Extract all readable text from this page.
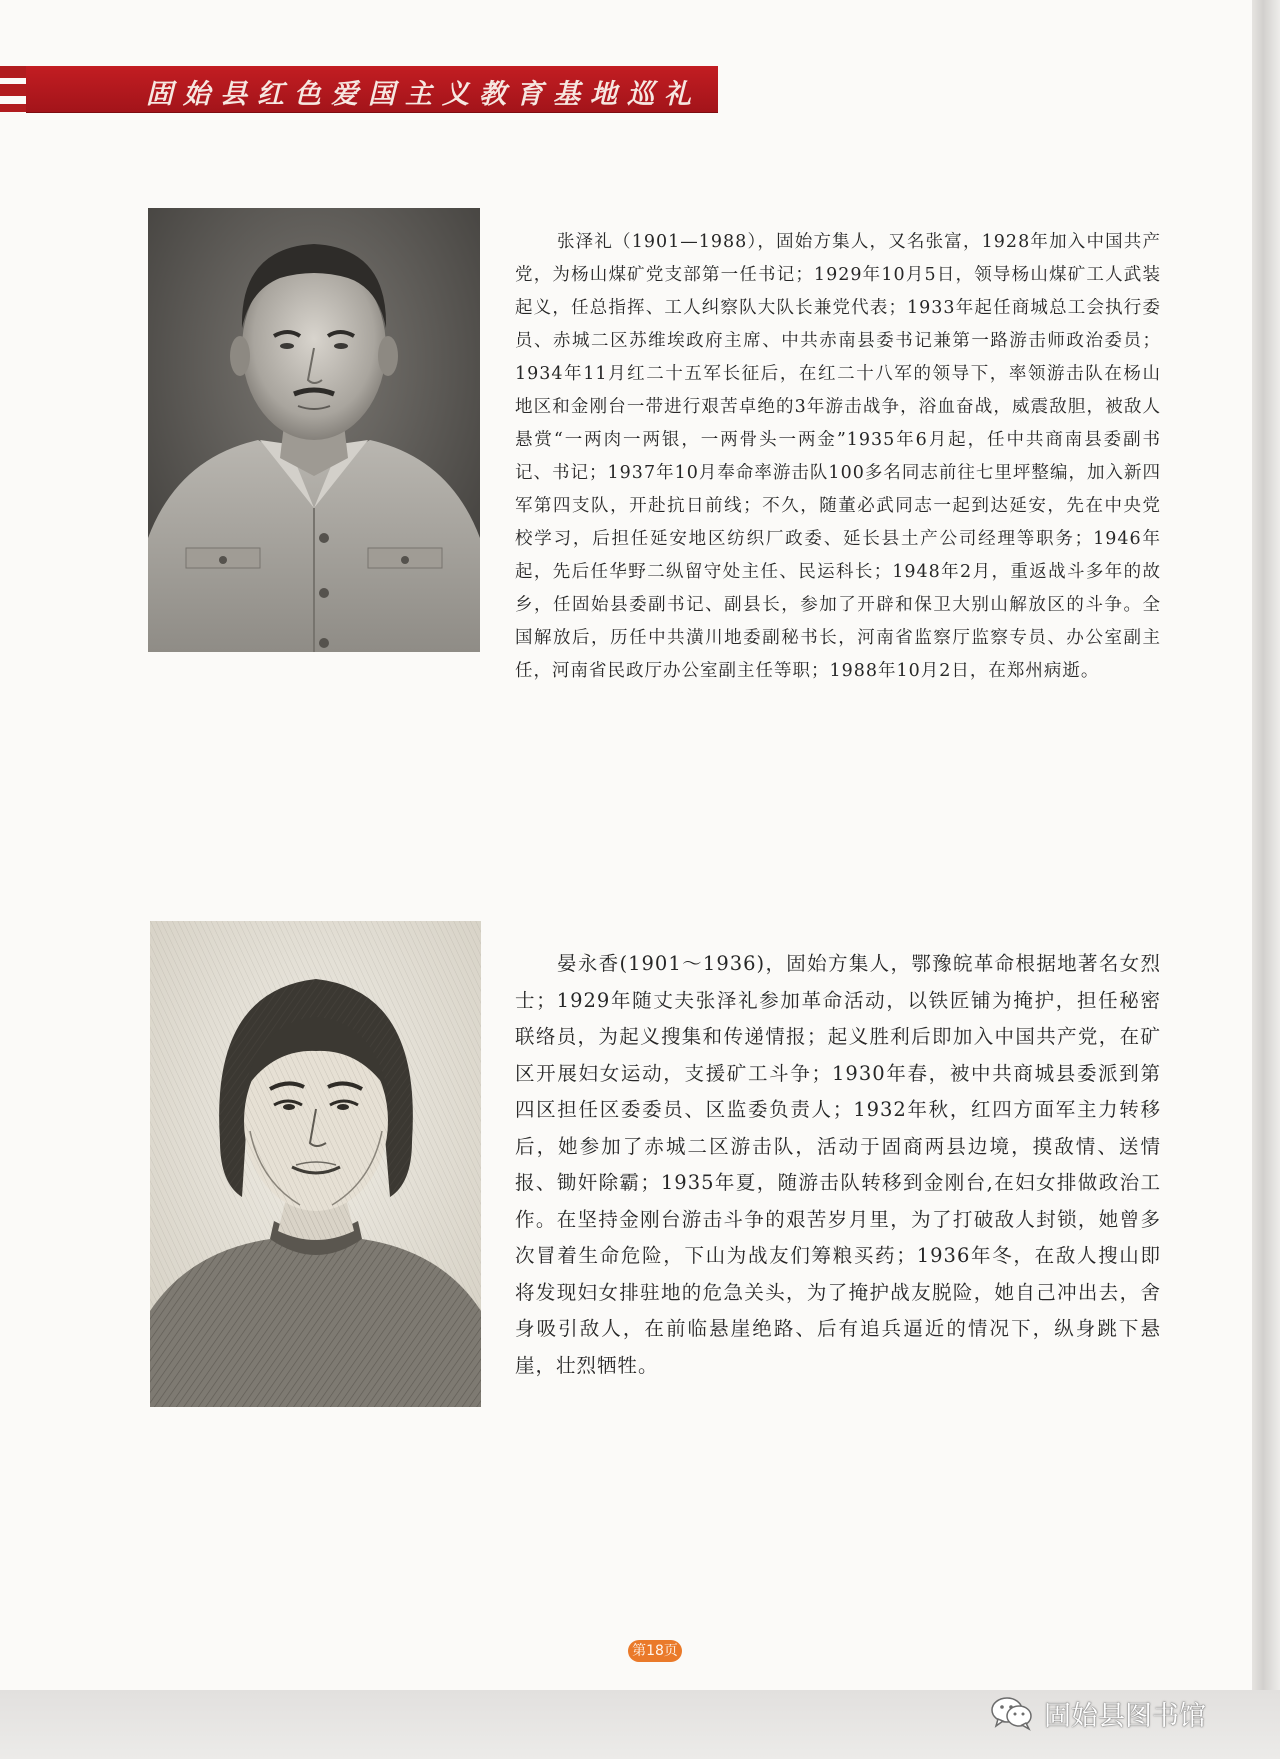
固始县红色爱国主义教育基地巡礼

张泽礼（1901—1988），固始方集人，又名张富，1928年加入中国共产党，为杨山煤矿党支部第一任书记；1929年10月5日，领导杨山煤矿工人武装起义，任总指挥、工人纠察队大队长兼党代表；1933年起任商城总工会执行委员、赤城二区苏维埃政府主席、中共赤南县委书记兼第一路游击师政治委员；1934年11月红二十五军长征后，在红二十八军的领导下，率领游击队在杨山地区和金刚台一带进行艰苦卓绝的3年游击战争，浴血奋战，威震敌胆，被敌人悬赏“一两肉一两银，一两骨头一两金”1935年6月起，任中共商南县委副书记、书记；1937年10月奉命率游击队100多名同志前往七里坪整编，加入新四军第四支队，开赴抗日前线；不久，随董必武同志一起到达延安，先在中央党校学习，后担任延安地区纺织厂政委、延长县土产公司经理等职务；1946年起，先后任华野二纵留守处主任、民运科长；1948年2月，重返战斗多年的故乡，任固始县委副书记、副县长，参加了开辟和保卫大别山解放区的斗争。全国解放后，历任中共潢川地委副秘书长，河南省监察厅监察专员、办公室副主任，河南省民政厅办公室副主任等职；1988年10月2日，在郑州病逝。

晏永香(1901～1936)，固始方集人，鄂豫皖革命根据地著名女烈士；1929年随丈夫张泽礼参加革命活动，以铁匠铺为掩护，担任秘密联络员，为起义搜集和传递情报；起义胜利后即加入中国共产党，在矿区开展妇女运动，支援矿工斗争；1930年春，被中共商城县委派到第四区担任区委委员、区监委负责人；1932年秋，红四方面军主力转移后，她参加了赤城二区游击队，活动于固商两县边境，摸敌情、送情报、锄奸除霸；1935年夏，随游击队转移到金刚台,在妇女排做政治工作。在坚持金刚台游击斗争的艰苦岁月里，为了打破敌人封锁，她曾多次冒着生命危险，下山为战友们筹粮买药；1936年冬，在敌人搜山即将发现妇女排驻地的危急关头，为了掩护战友脱险，她自己冲出去，舍身吸引敌人，在前临悬崖绝路、后有追兵逼近的情况下，纵身跳下悬崖，壮烈牺牲。

第18页
固始县图书馆
